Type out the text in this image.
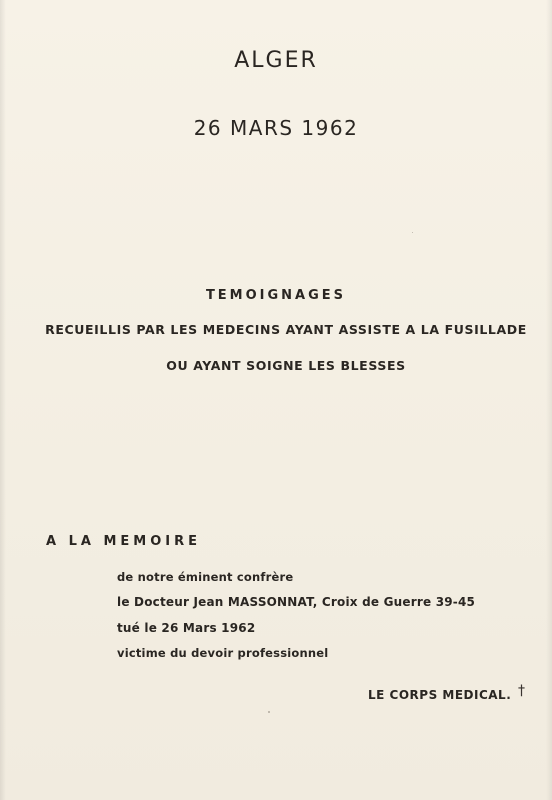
ALGER
26 MARS 1962
TEMOIGNAGES
RECUEILLIS PAR LES MEDECINS AYANT ASSISTE A LA FUSILLADE
OU AYANT SOIGNE LES BLESSES
A LA MEMOIRE
de notre éminent confrère
le Docteur Jean MASSONNAT, Croix de Guerre 39-45
tué le 26 Mars 1962
victime du devoir professionnel
LE CORPS MEDICAL. †
